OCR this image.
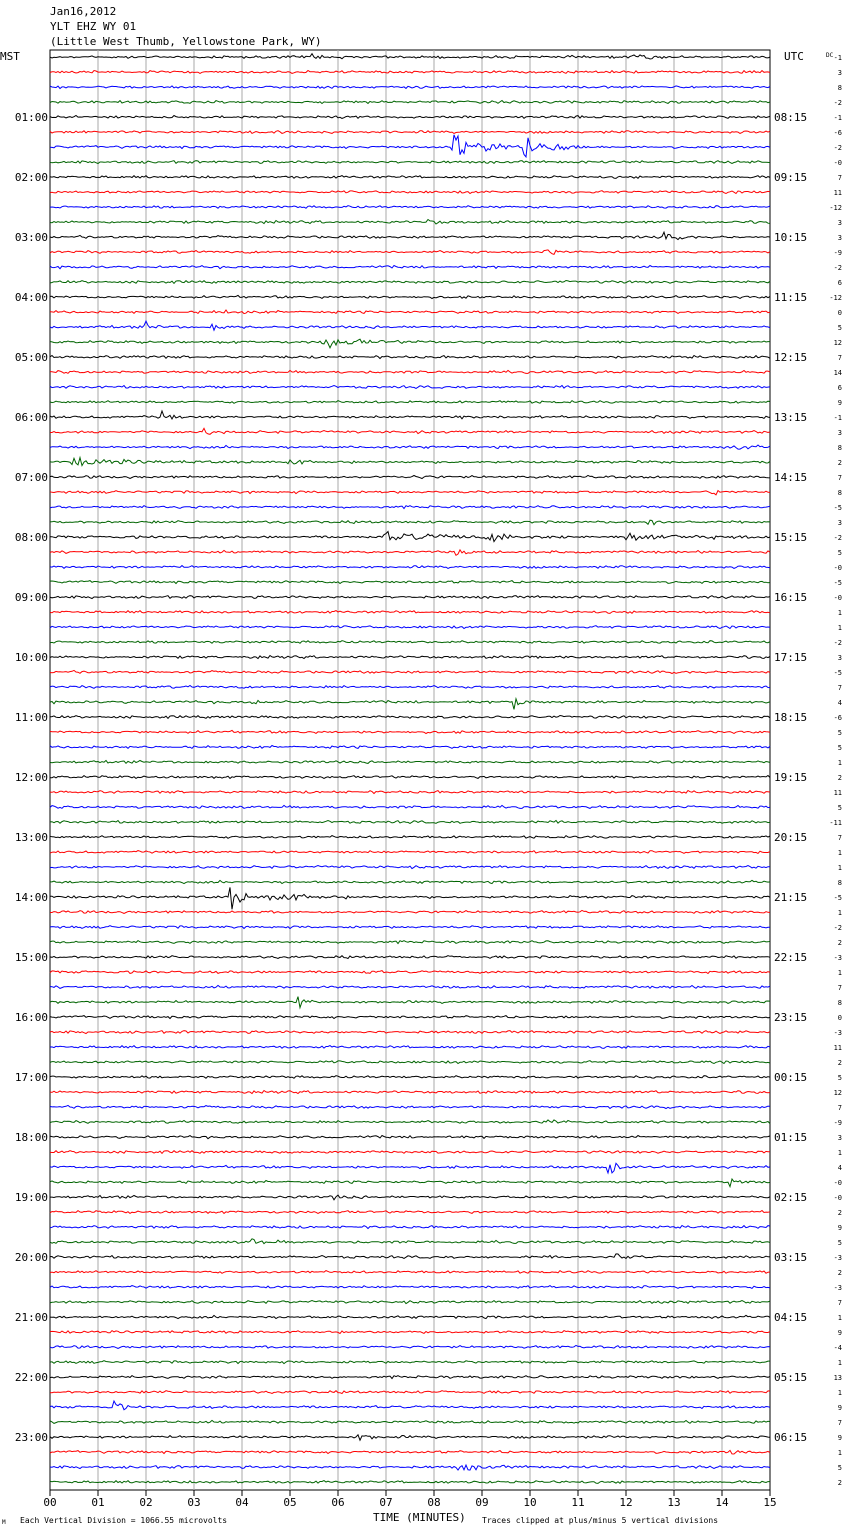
Jan16,2012
YLT EHZ WY 01
(Little West Thumb, Yellowstone Park, WY)
MST	UTC	DC
00	01	02	03	04	05	06	07	08	09	10	11	12	13	14	15
-1
3
8
-2
-1
-6
-2
-0
7
11
-12
3
3
-9
-2
6
-12
0
5
12
7
14
6
9
-1
3
8
2
7
8
-5
3
-2
5
-0
-5
-0
1
1
-2
3
-5
7
4
-6
5
5
1
2
11
5
-11
7
1
1
8
-5
1
-2
2
-3
1
7
8
0
-3
11
2
5
12
7
-9
3
1
4
-0
-0
2
9
5
-3
2
-3
7
1
9
-4
1
13
1
9
7
9
1
5
2
01:00	08:15
02:00	09:15
03:00	10:15
04:00	11:15
05:00	12:15
06:00	13:15
07:00	14:15
08:00	15:15
09:00	16:15
10:00	17:15
11:00	18:15
12:00	19:15
13:00	20:15
14:00	21:15
15:00	22:15
16:00	23:15
17:00	00:15
18:00	01:15
19:00	02:15
20:00	03:15
21:00	04:15
22:00	05:15
23:00	06:15
TIME (MINUTES)
Each Vertical Division = 1066.55 microvolts	Traces clipped at plus/minus 5 vertical divisions
M
